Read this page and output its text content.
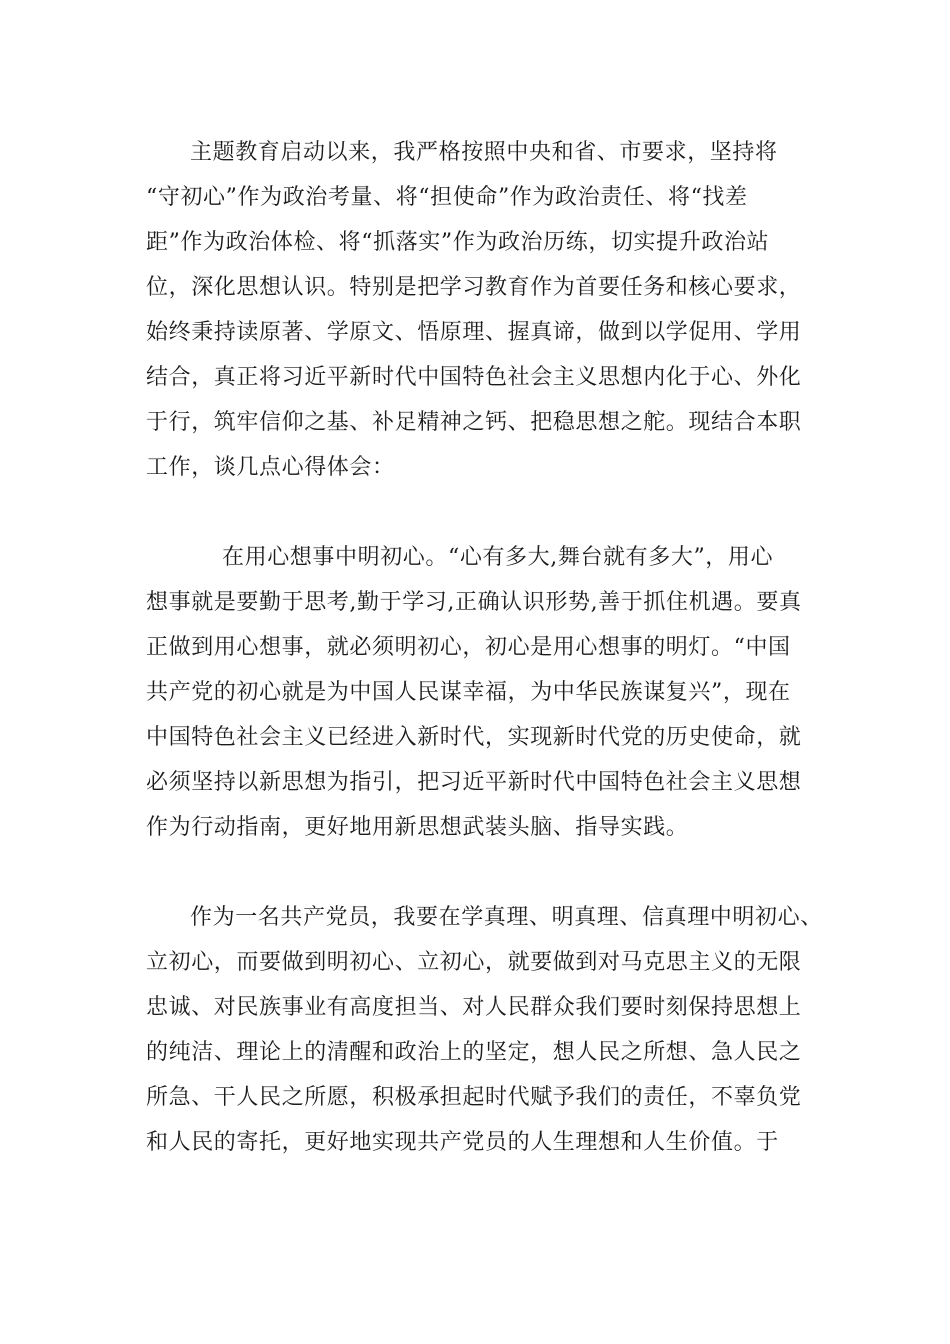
主题教育启动以来，我严格按照中央和省、市要求，坚持将
“守初心”作为政治考量、将“担使命”作为政治责任、将“找差
距”作为政治体检、将“抓落实”作为政治历练，切实提升政治站
位，深化思想认识。特别是把学习教育作为首要任务和核心要求，
始终秉持读原著、学原文、悟原理、握真谛，做到以学促用、学用
结合，真正将习近平新时代中国特色社会主义思想内化于心、外化
于行，筑牢信仰之基、补足精神之钙、把稳思想之舵。现结合本职
工作，谈几点心得体会：
在用心想事中明初心。“心有多大,舞台就有多大”，用心
想事就是要勤于思考,勤于学习,正确认识形势,善于抓住机遇。要真
正做到用心想事，就必须明初心，初心是用心想事的明灯。“中国
共产党的初心就是为中国人民谋幸福，为中华民族谋复兴”，现在
中国特色社会主义已经进入新时代，实现新时代党的历史使命，就
必须坚持以新思想为指引，把习近平新时代中国特色社会主义思想
作为行动指南，更好地用新思想武装头脑、指导实践。
作为一名共产党员，我要在学真理、明真理、信真理中明初心、
立初心，而要做到明初心、立初心，就要做到对马克思主义的无限
忠诚、对民族事业有高度担当、对人民群众我们要时刻保持思想上
的纯洁、理论上的清醒和政治上的坚定，想人民之所想、急人民之
所急、干人民之所愿，积极承担起时代赋予我们的责任，不辜负党
和人民的寄托，更好地实现共产党员的人生理想和人生价值。于
